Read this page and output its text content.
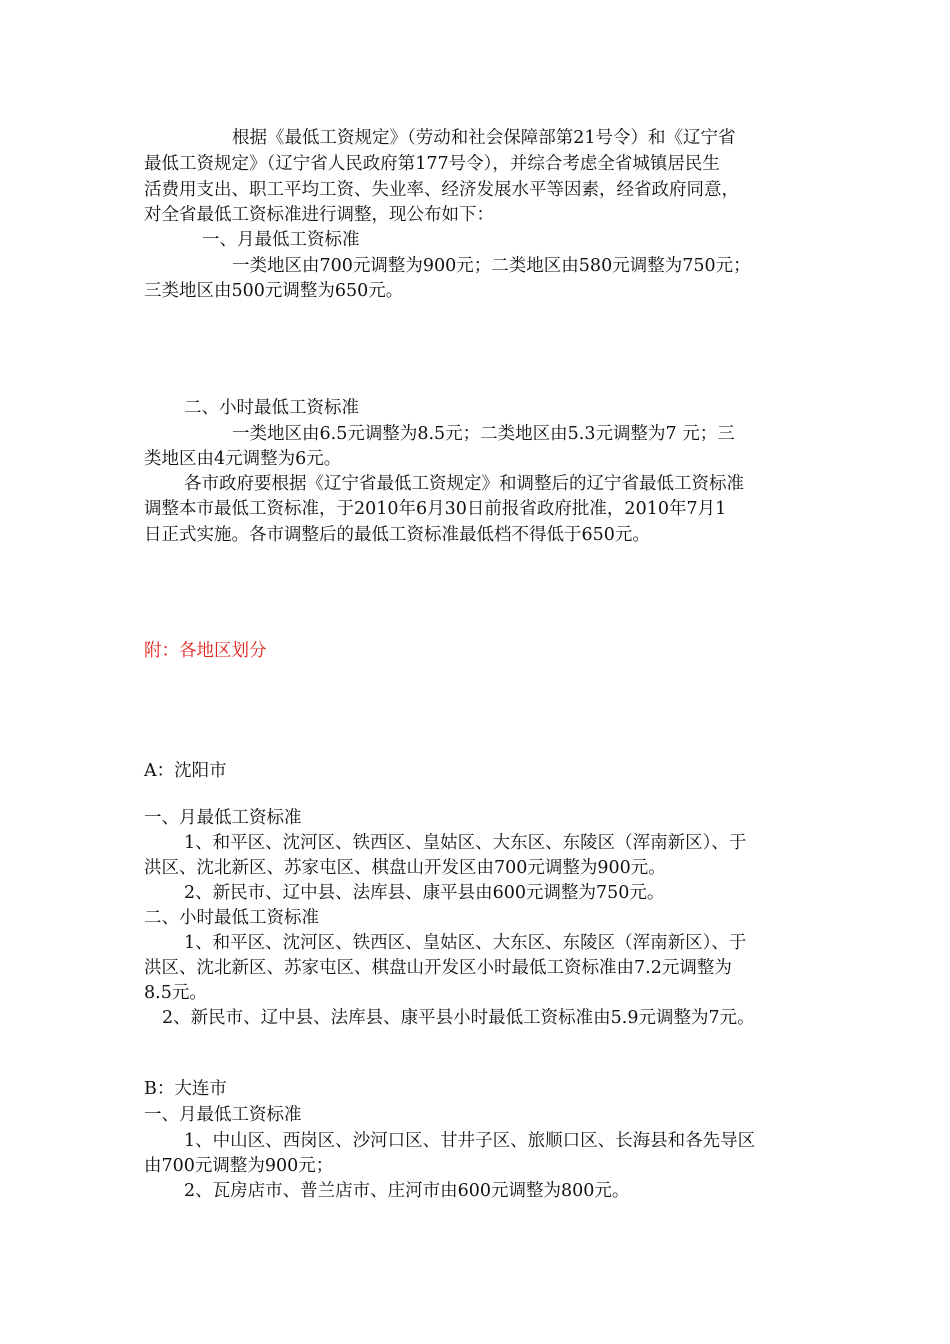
根据《最低工资规定》（劳动和社会保障部第21号令）和《辽宁省

最低工资规定》（辽宁省人民政府第177号令），并综合考虑全省城镇居民生

活费用支出、职工平均工资、失业率、经济发展水平等因素，经省政府同意，

对全省最低工资标准进行调整，现公布如下：

一、月最低工资标准

一类地区由700元调整为900元；二类地区由580元调整为750元；

三类地区由500元调整为650元。

二、小时最低工资标准

一类地区由6.5元调整为8.5元；二类地区由5.3元调整为7 元；三

类地区由4元调整为6元。

各市政府要根据《辽宁省最低工资规定》和调整后的辽宁省最低工资标准

调整本市最低工资标准，于2010年6月30日前报省政府批准，2010年7月1

日正式实施。各市调整后的最低工资标准最低档不得低于650元。

附：各地区划分

A：沈阳市

一、月最低工资标准

1、和平区、沈河区、铁西区、皇姑区、大东区、东陵区（浑南新区）、于

洪区、沈北新区、苏家屯区、棋盘山开发区由700元调整为900元。

2、新民市、辽中县、法库县、康平县由600元调整为750元。

二、小时最低工资标准

1、和平区、沈河区、铁西区、皇姑区、大东区、东陵区（浑南新区）、于

洪区、沈北新区、苏家屯区、棋盘山开发区小时最低工资标准由7.2元调整为

8.5元。

2、新民市、辽中县、法库县、康平县小时最低工资标准由5.9元调整为7元。

B：大连市

一、月最低工资标准

1、中山区、西岗区、沙河口区、甘井子区、旅顺口区、长海县和各先导区

由700元调整为900元；

2、瓦房店市、普兰店市、庄河市由600元调整为800元。
